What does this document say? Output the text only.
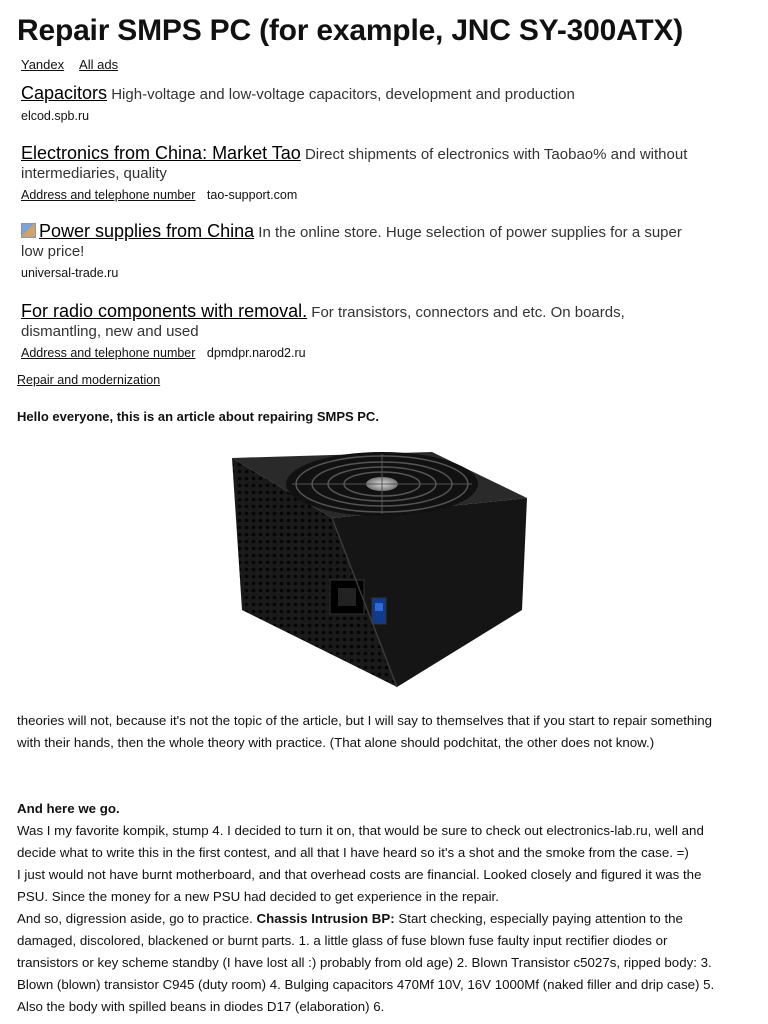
Repair SMPS PC (for example, JNC SY-300ATX)
Yandex All ads
Capacitors High-voltage and low-voltage capacitors, development and production
elcod.spb.ru
Electronics from China: Market Tao Direct shipments of electronics with Taobao% and without intermediaries, quality
Address and telephone number tao-support.com
Power supplies from China In the online store. Huge selection of power supplies for a super low price!
universal-trade.ru
For radio components with removal. For transistors, connectors and etc. On boards, dismantling, new and used
Address and telephone number dpmdpr.narod2.ru
Repair and modernization
Hello everyone, this is an article about repairing SMPS PC.
theories will not, because it's not the topic of the article, but I will say to themselves that if you start to repair something with their hands, then the whole theory with practice. (That alone should podchitat, the other does not know.)
And here we go.

Was I my favorite kompik, stump 4. I decided to turn it on, that would be sure to check out electronics-lab.ru, well and decide what to write this in the first contest, and all that I have heard so it's a shot and the smoke from the case. =)

I just would not have burnt motherboard, and that overhead costs are financial. Looked closely and figured it was the PSU. Since the money for a new PSU had decided to get experience in the repair.

And so, digression aside, go to practice. Chassis Intrusion BP: Start checking, especially paying attention to the damaged, discolored, blackened or burnt parts. 1. a little glass of fuse blown fuse faulty input rectifier diodes or transistors or key scheme standby (I have lost all :) probably from old age) 2. Blown Transistor c5027s, ripped body: 3. Blown (blown) transistor C945 (duty room) 4. Bulging capacitors 470Mf 10V, 16V 1000Mf (naked filler and drip case) 5. Also the body with spilled beans in diodes D17 (elaboration) 6.
